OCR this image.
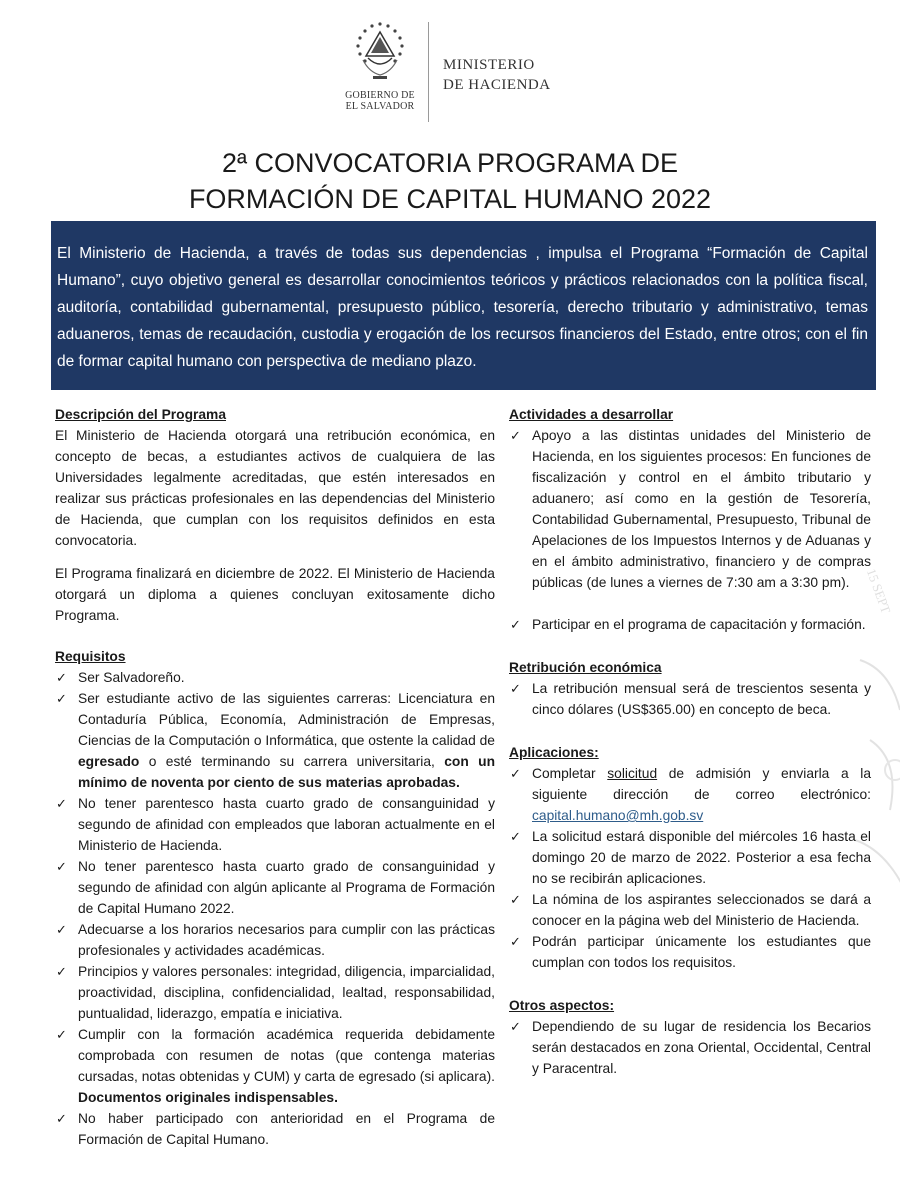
GOBIERNO DE
EL SALVADOR
MINISTERIO
DE HACIENDA
2ª CONVOCATORIA PROGRAMA DE
FORMACIÓN DE CAPITAL HUMANO 2022
El Ministerio de Hacienda, a través de todas sus dependencias , impulsa el Programa “Formación de Capital Humano”, cuyo objetivo general es desarrollar conocimientos teóricos y prácticos relacionados con la política fiscal, auditoría, contabilidad gubernamental, presupuesto público, tesorería, derecho tributario y administrativo, temas aduaneros, temas de recaudación, custodia y erogación de los recursos financieros del Estado, entre otros; con el fin de formar capital humano con perspectiva de mediano plazo.

Descripción del Programa

El Ministerio de Hacienda otorgará una retribución económica, en concepto de becas, a estudiantes activos de cualquiera de las Universidades legalmente acreditadas, que estén interesados en realizar sus prácticas profesionales en las dependencias del Ministerio de Hacienda, que cumplan con los requisitos definidos en esta convocatoria.

El Programa finalizará en diciembre de 2022. El Ministerio de Hacienda otorgará un diploma a quienes concluyan exitosamente dicho Programa.

Requisitos

✓ Ser Salvadoreño.
✓ Ser estudiante activo de las siguientes carreras: Licenciatura en Contaduría Pública, Economía, Administración de Empresas, Ciencias de la Computación o Informática, que ostente la calidad de egresado o esté terminando su carrera universitaria, con un mínimo de noventa por ciento de sus materias aprobadas.
✓ No tener parentesco hasta cuarto grado de consanguinidad y segundo de afinidad con empleados que laboran actualmente en el Ministerio de Hacienda.
✓ No tener parentesco hasta cuarto grado de consanguinidad y segundo de afinidad con algún aplicante al Programa de Formación de Capital Humano 2022.
✓ Adecuarse a los horarios necesarios para cumplir con las prácticas profesionales y actividades académicas.
✓ Principios y valores personales: integridad, diligencia, imparcialidad, proactividad, disciplina, confidencialidad, lealtad, responsabilidad, puntualidad, liderazgo, empatía e iniciativa.
✓ Cumplir con la formación académica requerida debidamente comprobada con resumen de notas (que contenga materias cursadas, notas obtenidas y CUM) y carta de egresado (si aplicara). Documentos originales indispensables.
✓ No haber participado con anterioridad en el Programa de Formación de Capital Humano.

Actividades a desarrollar

✓ Apoyo a las distintas unidades del Ministerio de Hacienda, en los siguientes procesos: En funciones de fiscalización y control en el ámbito tributario y aduanero; así como en la gestión de Tesorería, Contabilidad Gubernamental, Presupuesto, Tribunal de Apelaciones de los Impuestos Internos y de Aduanas y en el ámbito administrativo, financiero y de compras públicas (de lunes a viernes de 7:30 am a 3:30 pm).
✓ Participar en el programa de capacitación y formación.

Retribución económica

✓ La retribución mensual será de trescientos sesenta y cinco dólares (US$365.00) en concepto de beca.

Aplicaciones:

✓ Completar solicitud de admisión y enviarla a la siguiente dirección de correo electrónico: capital.humano@mh.gob.sv
✓ La solicitud estará disponible del miércoles 16 hasta el domingo 20 de marzo de 2022. Posterior a esa fecha no se recibirán aplicaciones.
✓ La nómina de los aspirantes seleccionados se dará a conocer en la página web del Ministerio de Hacienda.
✓ Podrán participar únicamente los estudiantes que cumplan con todos los requisitos.

Otros aspectos:

✓ Dependiendo de su lugar de residencia los Becarios serán destacados en zona Oriental, Occidental, Central y Paracentral.
15 SEPT
